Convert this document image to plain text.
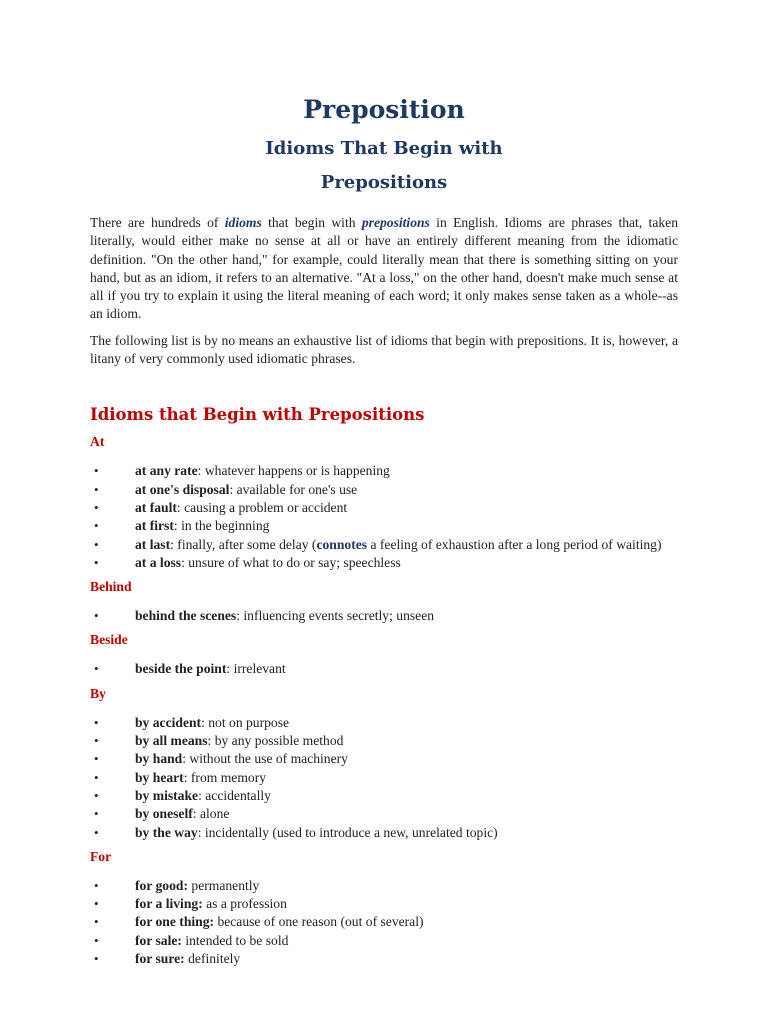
Preposition
Idioms That Begin with
Prepositions

There are hundreds of idioms that begin with prepositions in English. Idioms are phrases that, taken literally, would either make no sense at all or have an entirely different meaning from the idiomatic definition. "On the other hand," for example, could literally mean that there is something sitting on your hand, but as an idiom, it refers to an alternative. "At a loss," on the other hand, doesn't make much sense at all if you try to explain it using the literal meaning of each word; it only makes sense taken as a whole--as an idiom.

The following list is by no means an exhaustive list of idioms that begin with prepositions. It is, however, a litany of very commonly used idiomatic phrases.

Idioms that Begin with Prepositions
At
•	at any rate: whatever happens or is happening
•	at one's disposal: available for one's use
•	at fault: causing a problem or accident
•	at first: in the beginning
•	at last: finally, after some delay (connotes a feeling of exhaustion after a long period of waiting)
•	at a loss: unsure of what to do or say; speechless
Behind
•	behind the scenes: influencing events secretly; unseen
Beside
•	beside the point: irrelevant
By
•	by accident: not on purpose
•	by all means: by any possible method
•	by hand: without the use of machinery
•	by heart: from memory
•	by mistake: accidentally
•	by oneself: alone
•	by the way: incidentally (used to introduce a new, unrelated topic)
For
•	for good: permanently
•	for a living: as a profession
•	for one thing: because of one reason (out of several)
•	for sale: intended to be sold
•	for sure: definitely
